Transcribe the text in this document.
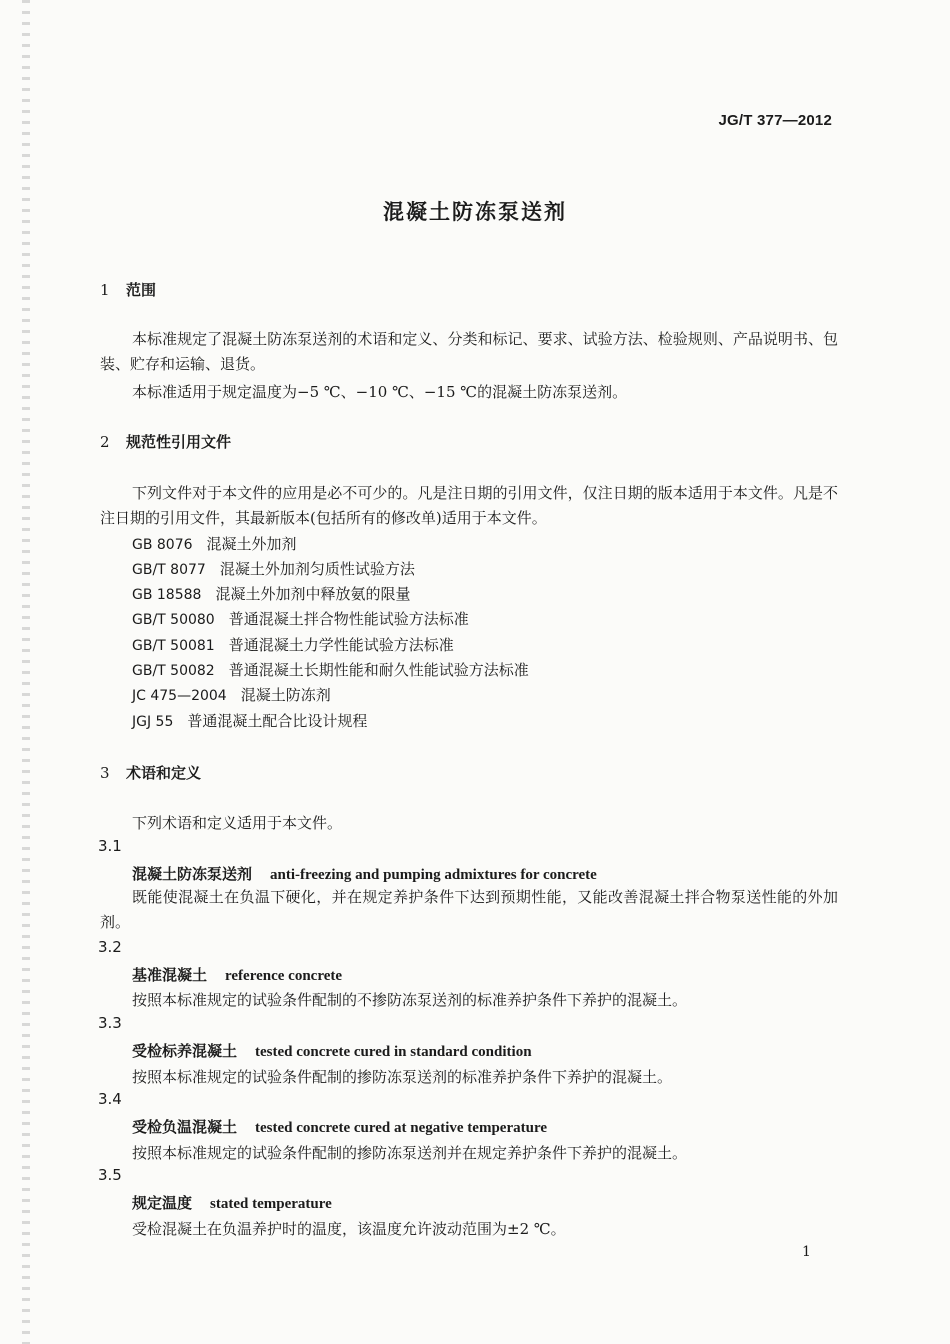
JG/T 377—2012
混凝土防冻泵送剂
1 范围
本标准规定了混凝土防冻泵送剂的术语和定义、分类和标记、要求、试验方法、检验规则、产品说明书、包装、贮存和运输、退货。
本标准适用于规定温度为−5 ℃、−10 ℃、−15 ℃的混凝土防冻泵送剂。
2 规范性引用文件
下列文件对于本文件的应用是必不可少的。凡是注日期的引用文件，仅注日期的版本适用于本文件。凡是不注日期的引用文件，其最新版本(包括所有的修改单)适用于本文件。
GB 8076 混凝土外加剂
GB/T 8077 混凝土外加剂匀质性试验方法
GB 18588 混凝土外加剂中释放氨的限量
GB/T 50080 普通混凝土拌合物性能试验方法标准
GB/T 50081 普通混凝土力学性能试验方法标准
GB/T 50082 普通混凝土长期性能和耐久性能试验方法标准
JC 475—2004 混凝土防冻剂
JGJ 55 普通混凝土配合比设计规程
3 术语和定义
下列术语和定义适用于本文件。
3.1
混凝土防冻泵送剂 anti-freezing and pumping admixtures for concrete
既能使混凝土在负温下硬化，并在规定养护条件下达到预期性能，又能改善混凝土拌合物泵送性能的外加剂。
3.2
基准混凝土 reference concrete
按照本标准规定的试验条件配制的不掺防冻泵送剂的标准养护条件下养护的混凝土。
3.3
受检标养混凝土 tested concrete cured in standard condition
按照本标准规定的试验条件配制的掺防冻泵送剂的标准养护条件下养护的混凝土。
3.4
受检负温混凝土 tested concrete cured at negative temperature
按照本标准规定的试验条件配制的掺防冻泵送剂并在规定养护条件下养护的混凝土。
3.5
规定温度 stated temperature
受检混凝土在负温养护时的温度，该温度允许波动范围为±2 ℃。
1
